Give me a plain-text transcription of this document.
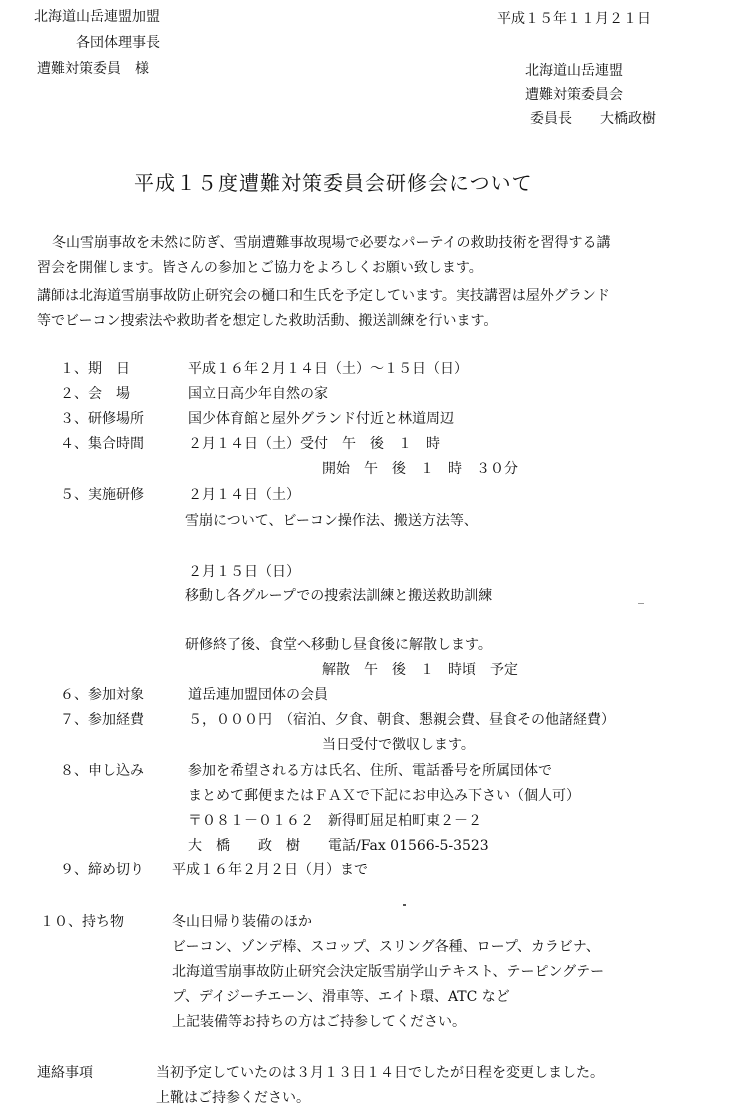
北海道山岳連盟加盟
各団体理事長
遭難対策委員　様
平成１５年１１月２１日
北海道山岳連盟
遭難対策委員会
委員長　　大橋政樹
平成１５度遭難対策委員会研修会について
冬山雪崩事故を未然に防ぎ、雪崩遭難事故現場で必要なパーテイの救助技術を習得する講
習会を開催します。皆さんの参加とご協力をよろしくお願い致します。
講師は北海道雪崩事故防止研究会の樋口和生氏を予定しています。実技講習は屋外グランド
等でビーコン捜索法や救助者を想定した救助活動、搬送訓練を行います。
１、期　日	平成１６年２月１４日（土）～１５日（日）
２、会　場	国立日高少年自然の家
３、研修場所	国少体育館と屋外グランド付近と林道周辺
４、集合時間	２月１４日（土）受付　午　後　１　時
開始　午　後　１　時　３０分
５、実施研修	２月１４日（土）
雪崩について、ビーコン操作法、搬送方法等、
２月１５日（日）
移動し各グループでの捜索法訓練と搬送救助訓練
研修終了後、食堂へ移動し昼食後に解散します。
解散　午　後　１　時頃　予定
６、参加対象	道岳連加盟団体の会員
７、参加経費	５，０００円　（宿泊、夕食、朝食、懇親会費、昼食その他諸経費）
当日受付で徴収します。
８、申し込み	参加を希望される方は氏名、住所、電話番号を所属団体で
まとめて郵便またはＦＡＸで下記にお申込み下さい（個人可）
〒０８１－０１６２　新得町屈足柏町東２－２
大　橋　　政　樹　　電話/Fax 01566-5-3523
９、締め切り 平成１６年２月２日（月）まで
１０、持ち物	冬山日帰り装備のほか
ビーコン、ゾンデ棒、スコップ、スリング各種、ロープ、カラビナ、
北海道雪崩事故防止研究会決定版雪崩学山テキスト、テーピングテー
プ、デイジーチエーン、滑車等、エイト環、ATC など
上記装備等お持ちの方はご持参してください。
連絡事項	当初予定していたのは３月１３日１４日でしたが日程を変更しました。
上靴はご持参ください。
